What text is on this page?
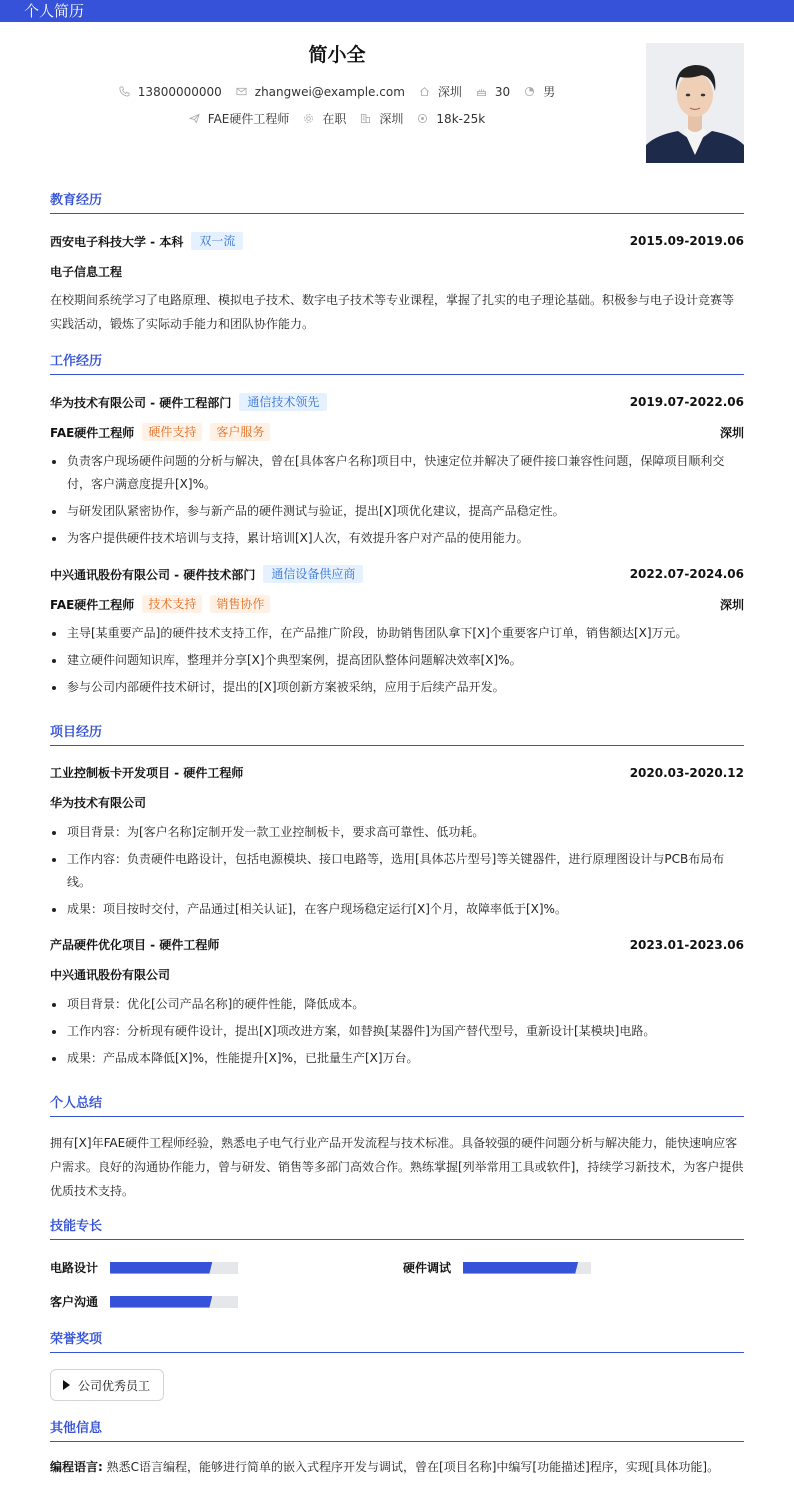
个人简历
简小全
13800000000	zhangwei@example.com	深圳	30	男
FAE硬件工程师	在职	深圳	18k-25k
教育经历
西安电子科技大学 - 本科	双一流	2015.09-2019.06
电子信息工程
在校期间系统学习了电路原理、模拟电子技术、数字电子技术等专业课程，掌握了扎实的电子理论基础。积极参与电子设计竞赛等实践活动，锻炼了实际动手能力和团队协作能力。
工作经历
华为技术有限公司 - 硬件工程部门	通信技术领先	2019.07-2022.06
FAE硬件工程师	硬件支持	客户服务	深圳
负责客户现场硬件问题的分析与解决，曾在[具体客户名称]项目中，快速定位并解决了硬件接口兼容性问题，保障项目顺利交付，客户满意度提升[X]%。
与研发团队紧密协作，参与新产品的硬件测试与验证，提出[X]项优化建议，提高产品稳定性。
为客户提供硬件技术培训与支持，累计培训[X]人次，有效提升客户对产品的使用能力。
中兴通讯股份有限公司 - 硬件技术部门	通信设备供应商	2022.07-2024.06
FAE硬件工程师	技术支持	销售协作	深圳
主导[某重要产品]的硬件技术支持工作，在产品推广阶段，协助销售团队拿下[X]个重要客户订单，销售额达[X]万元。
建立硬件问题知识库，整理并分享[X]个典型案例，提高团队整体问题解决效率[X]%。
参与公司内部硬件技术研讨，提出的[X]项创新方案被采纳，应用于后续产品开发。
项目经历
工业控制板卡开发项目 - 硬件工程师	2020.03-2020.12
华为技术有限公司
项目背景：为[客户名称]定制开发一款工业控制板卡，要求高可靠性、低功耗。
工作内容：负责硬件电路设计，包括电源模块、接口电路等，选用[具体芯片型号]等关键器件，进行原理图设计与PCB布局布线。
成果：项目按时交付，产品通过[相关认证]，在客户现场稳定运行[X]个月，故障率低于[X]%。
产品硬件优化项目 - 硬件工程师	2023.01-2023.06
中兴通讯股份有限公司
项目背景：优化[公司产品名称]的硬件性能，降低成本。
工作内容：分析现有硬件设计，提出[X]项改进方案，如替换[某器件]为国产替代型号，重新设计[某模块]电路。
成果：产品成本降低[X]%，性能提升[X]%，已批量生产[X]万台。
个人总结
拥有[X]年FAE硬件工程师经验，熟悉电子电气行业产品开发流程与技术标准。具备较强的硬件问题分析与解决能力，能快速响应客户需求。良好的沟通协作能力，曾与研发、销售等多部门高效合作。熟练掌握[列举常用工具或软件]，持续学习新技术，为客户提供优质技术支持。
技能专长
电路设计	硬件调试
客户沟通
荣誉奖项
公司优秀员工
其他信息
编程语言: 熟悉C语言编程，能够进行简单的嵌入式程序开发与调试，曾在[项目名称]中编写[功能描述]程序，实现[具体功能]。
